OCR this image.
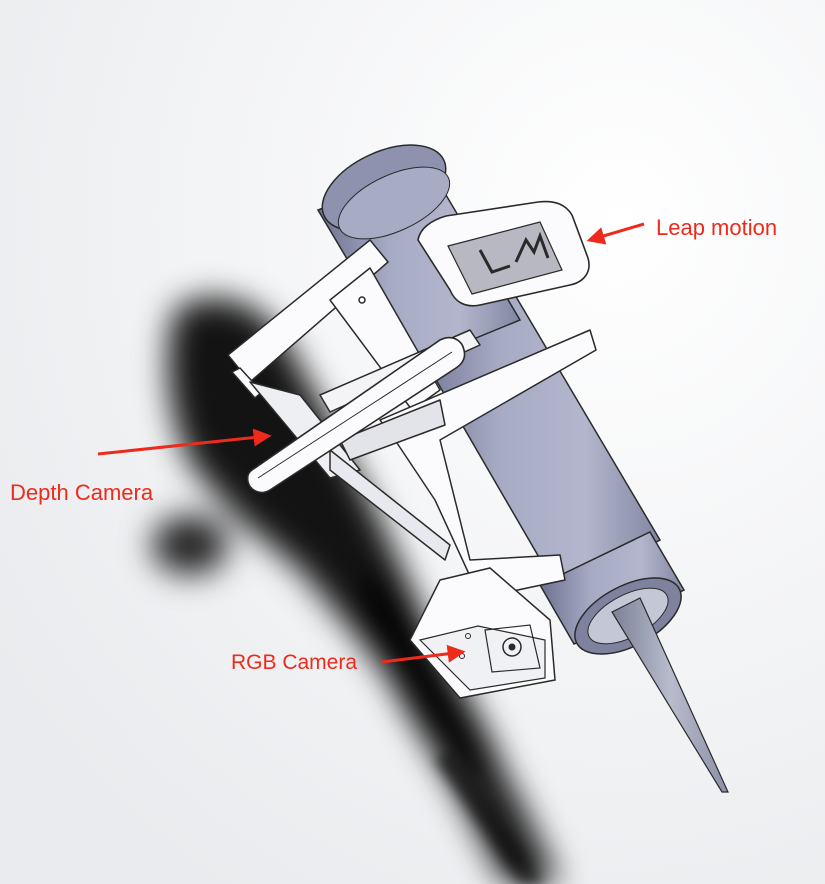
LM
Leap motion
Depth Camera
RGB Camera
